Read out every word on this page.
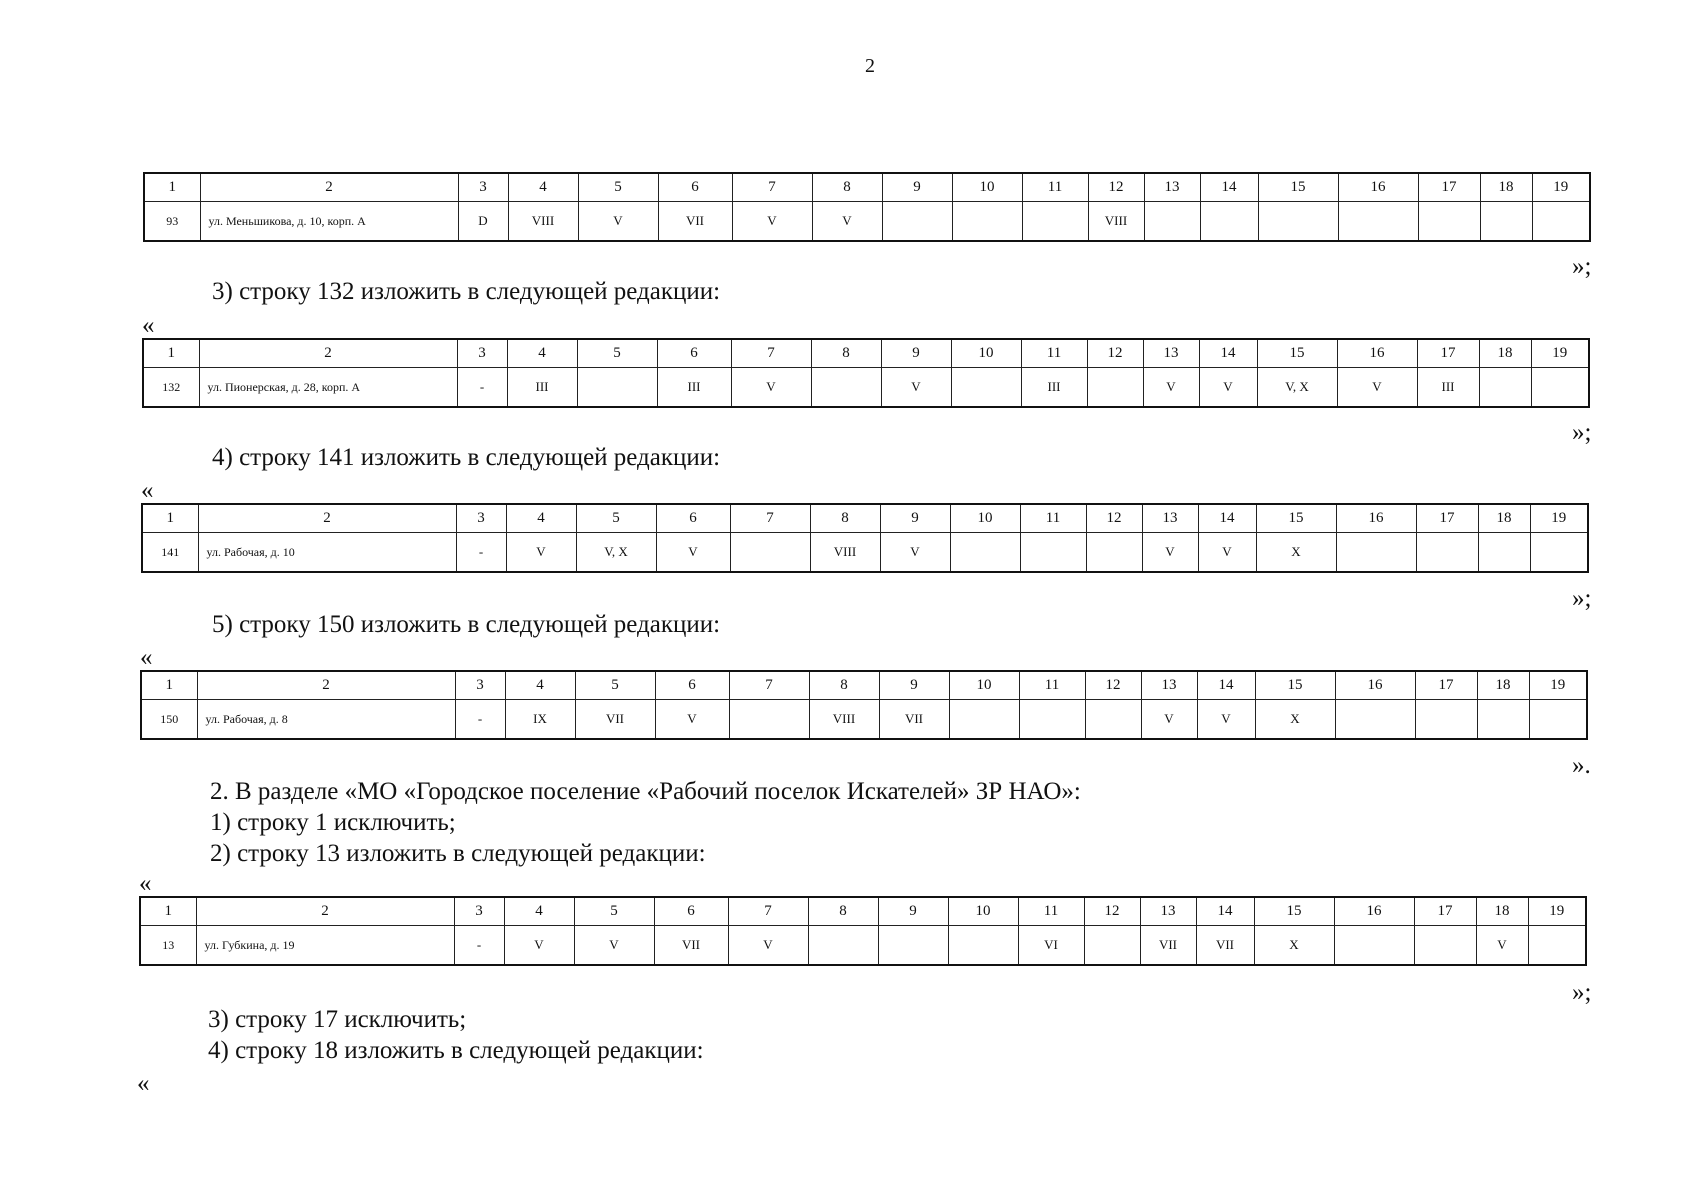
2
1	2	3	4	5	6	7	8	9	10	11	12	13	14	15	16	17	18	19
93	ул. Меньшикова, д. 10, корп. А	D	VIII	V	VII	V	V				VIII							
»;
3) строку 132 изложить в следующей редакции:
«
1	2	3	4	5	6	7	8	9	10	11	12	13	14	15	16	17	18	19
132	ул. Пионерская, д. 28, корп. А	-	III		III	V		V		III		V	V	V, X	V	III		
»;
4) строку 141 изложить в следующей редакции:
«
1	2	3	4	5	6	7	8	9	10	11	12	13	14	15	16	17	18	19
141	ул. Рабочая, д. 10	-	V	V, X	V		VIII	V				V	V	X				
»;
5) строку 150 изложить в следующей редакции:
«
1	2	3	4	5	6	7	8	9	10	11	12	13	14	15	16	17	18	19
150	ул. Рабочая, д. 8	-	IX	VII	V		VIII	VII				V	V	X				
».
2. В разделе «МО «Городское поселение «Рабочий поселок Искателей» ЗР НАО»:
1) строку 1 исключить;
2) строку 13 изложить в следующей редакции:
«
1	2	3	4	5	6	7	8	9	10	11	12	13	14	15	16	17	18	19
13	ул. Губкина, д. 19	-	V	V	VII	V				VI		VII	VII	X			V	
»;
3) строку 17 исключить;
4) строку 18 изложить в следующей редакции:
«
